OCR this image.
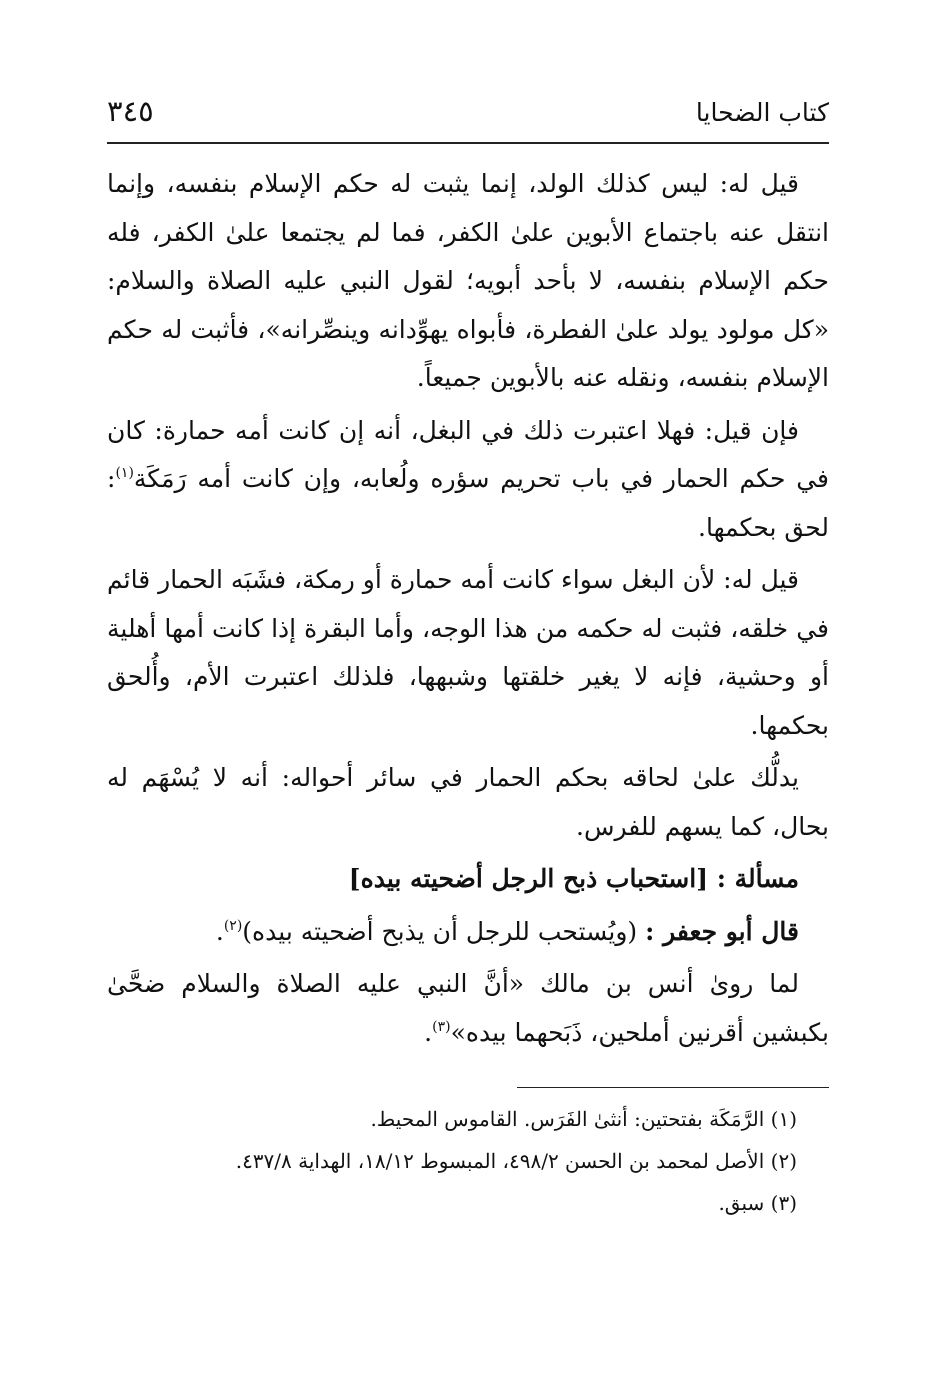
كتاب الضحايا
٣٤٥

قيل له: ليس كذلك الولد، إنما يثبت له حكم الإسلام بنفسه، وإنما انتقل عنه باجتماع الأبوين علىٰ الكفر، فما لم يجتمعا علىٰ الكفر، فله حكم الإسلام بنفسه، لا بأحد أبويه؛ لقول النبي عليه الصلاة والسلام: «كل مولود يولد علىٰ الفطرة، فأبواه يهوِّدانه وينصِّرانه»، فأثبت له حكم الإسلام بنفسه، ونقله عنه بالأبوين جميعاً.

فإن قيل: فهلا اعتبرت ذلك في البغل، أنه إن كانت أمه حمارة: كان في حكم الحمار في باب تحريم سؤره ولُعابه، وإن كانت أمه رَمَكَة$^{(١)}$: لحق بحكمها.

قيل له: لأن البغل سواء كانت أمه حمارة أو رمكة، فشَبَه الحمار قائم في خلقه، فثبت له حكمه من هذا الوجه، وأما البقرة إذا كانت أمها أهلية أو وحشية، فإنه لا يغير خلقتها وشبهها، فلذلك اعتبرت الأم، وأُلحق بحكمها.

يدلُّك علىٰ لحاقه بحكم الحمار في سائر أحواله: أنه لا يُسْهَم له بحال، كما يسهم للفرس.

مسألة : [استحباب ذبح الرجل أضحيته بيده]

قال أبو جعفر : (ويُستحب للرجل أن يذبح أضحيته بيده)$^{(٢)}$.

لما روىٰ أنس بن مالك «أنَّ النبي عليه الصلاة والسلام ضحَّىٰ بكبشين أقرنين أملحين، ذَبَحهما بيده»$^{(٣)}$.

(١) الرَّمَكَة بفتحتين: أنثىٰ الفَرَس. القاموس المحيط.

(٢) الأصل لمحمد بن الحسن ٤٩٨/٢، المبسوط ١٨/١٢، الهداية ٤٣٧/٨.

(٣) سبق.
